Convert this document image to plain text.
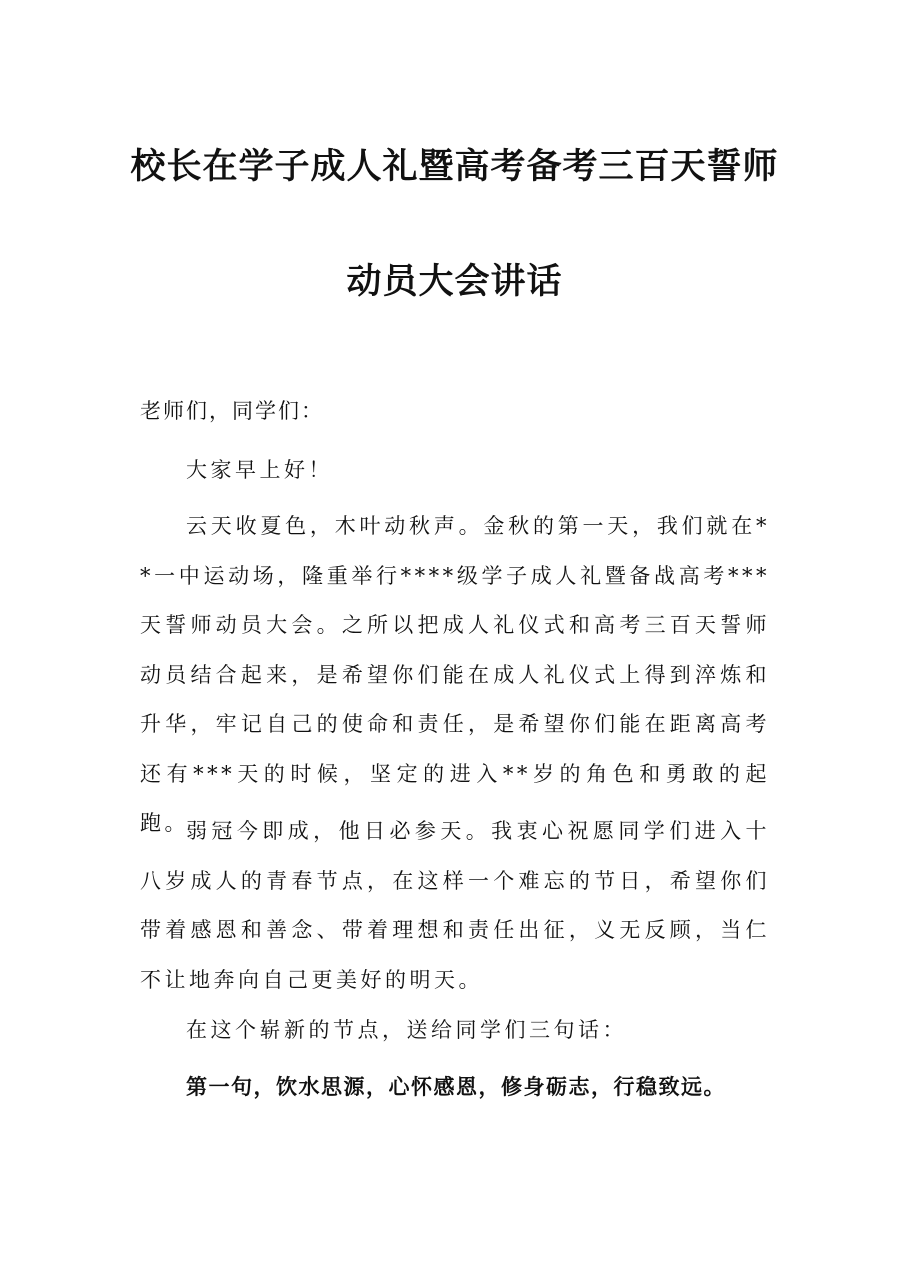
校长在学子成人礼暨高考备考三百天誓师
动员大会讲话
老师们，同学们：

大家早上好！

云天收夏色，木叶动秋声。金秋的第一天，我们就在**一中运动场，隆重举行****级学子成人礼暨备战高考***天誓师动员大会。之所以把成人礼仪式和高考三百天誓师动员结合起来，是希望你们能在成人礼仪式上得到淬炼和升华，牢记自己的使命和责任，是希望你们能在距离高考还有***天的时候，坚定的进入**岁的角色和勇敢的起跑。

弱冠今即成，他日必参天。我衷心祝愿同学们进入十八岁成人的青春节点，在这样一个难忘的节日，希望你们带着感恩和善念、带着理想和责任出征，义无反顾，当仁不让地奔向自己更美好的明天。

在这个崭新的节点，送给同学们三句话：

第一句，饮水思源，心怀感恩，修身砺志，行稳致远。
